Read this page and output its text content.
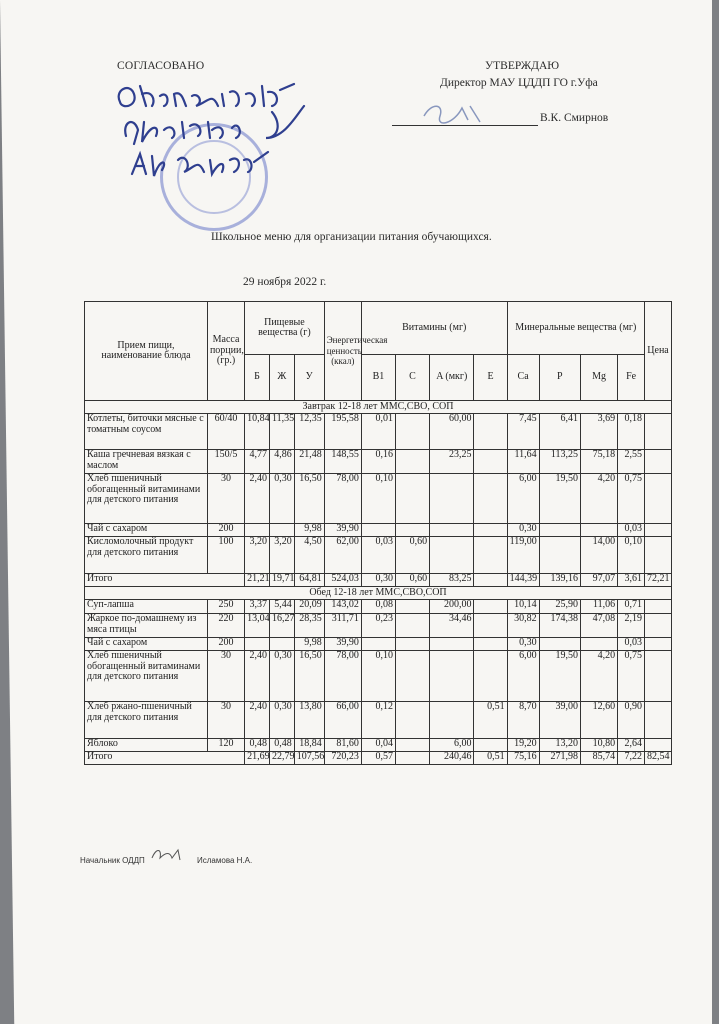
СОГЛАСОВАНО	УТВЕРЖДАЮ
Директор МАУ ЦДДП ГО г.Уфа
В.К. Смирнов
Школьное меню для организации питания обучающихся.
29 ноября 2022 г.
Прием пищи, наименование блюда	Масса порции, (гр.)	Пищевые вещества (г)			Энергетическая ценность (ккал)	Витамины (мг)				Минеральные вещества (мг)				Цена
		Б	Ж	У		B1	C	A (мкг)	E	Ca	P	Mg	Fe	
Завтрак 12-18 лет ММС,СВО, СОП														
Котлеты, биточки мясные с томатным соусом	60/40	10,84	11,35	12,35	195,58	0,01		60,00		7,45	6,41	3,69	0,18	
Каша гречневая вязкая с маслом	150/5	4,77	4,86	21,48	148,55	0,16		23,25		11,64	113,25	75,18	2,55	
Хлеб пшеничный обогащенный витаминами для детского питания	30	2,40	0,30	16,50	78,00	0,10				6,00	19,50	4,20	0,75	
Чай с сахаром	200			9,98	39,90					0,30			0,03	
Кисломолочный продукт для детского питания	100	3,20	3,20	4,50	62,00	0,03	0,60			119,00		14,00	0,10	
Итого		21,21	19,71	64,81	524,03	0,30	0,60	83,25		144,39	139,16	97,07	3,61	72,21
Обед 12-18 лет ММС,СВО,СОП														
Суп-лапша	250	3,37	5,44	20,09	143,02	0,08		200,00		10,14	25,90	11,06	0,71	
Жаркое по-домашнему из мяса птицы	220	13,04	16,27	28,35	311,71	0,23		34,46		30,82	174,38	47,08	2,19	
Чай с сахаром	200			9,98	39,90					0,30			0,03	
Хлеб пшеничный обогащенный витаминами для детского питания	30	2,40	0,30	16,50	78,00	0,10				6,00	19,50	4,20	0,75	
Хлеб ржано-пшеничный для детского питания	30	2,40	0,30	13,80	66,00	0,12			0,51	8,70	39,00	12,60	0,90	
Яблоко	120	0,48	0,48	18,84	81,60	0,04		6,00		19,20	13,20	10,80	2,64	
Итого		21,69	22,79	107,56	720,23	0,57		240,46	0,51	75,16	271,98	85,74	7,22	82,54
Начальник ОДДП	Исламова Н.А.
